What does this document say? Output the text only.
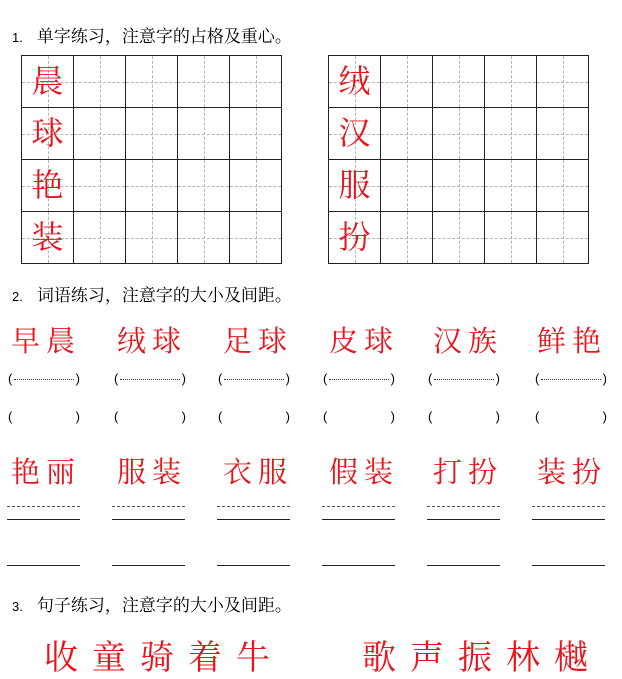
1. 单字练习，注意字的占格及重心。
晨				

球				

艳				

装				

绒				

汉				

服				

扮				

2. 词语练习，注意字的大小及间距。
早晨 绒球 足球 皮球 汉族 鲜艳
(	)	(	) (	)	(	)	(	)	(	)
(	)	(	) (	)	(	)	(	)	(	)
艳丽 服装 衣服 假装 打扮 装扮
3. 句子练习，注意字的大小及间距。
收童骑着牛 歌声振林樾
